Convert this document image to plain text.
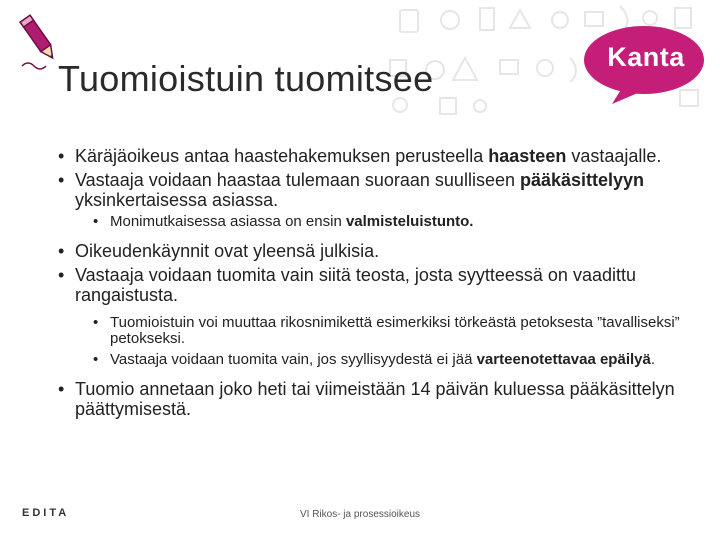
Tuomioistuin tuomitsee
Kanta
• Käräjäoikeus antaa haastehakemuksen perusteella haasteen vastaajalle.
• Vastaaja voidaan haastaa tulemaan suoraan suulliseen pääkäsittelyyn yksinkertaisessa asiassa.
• Monimutkaisessa asiassa on ensin valmisteluistunto.
• Oikeudenkäynnit ovat yleensä julkisia.
• Vastaaja voidaan tuomita vain siitä teosta, josta syytteessä on vaadittu rangaistusta.
• Tuomioistuin voi muuttaa rikosnimikettä esimerkiksi törkeästä petoksesta ”tavalliseksi” petokseksi.
• Vastaaja voidaan tuomita vain, jos syyllisyydestä ei jää varteenotettavaa epäilyä.
• Tuomio annetaan joko heti tai viimeistään 14 päivän kuluessa pääkäsittelyn päättymisestä.
EDITA	VI Rikos- ja prosessioikeus
